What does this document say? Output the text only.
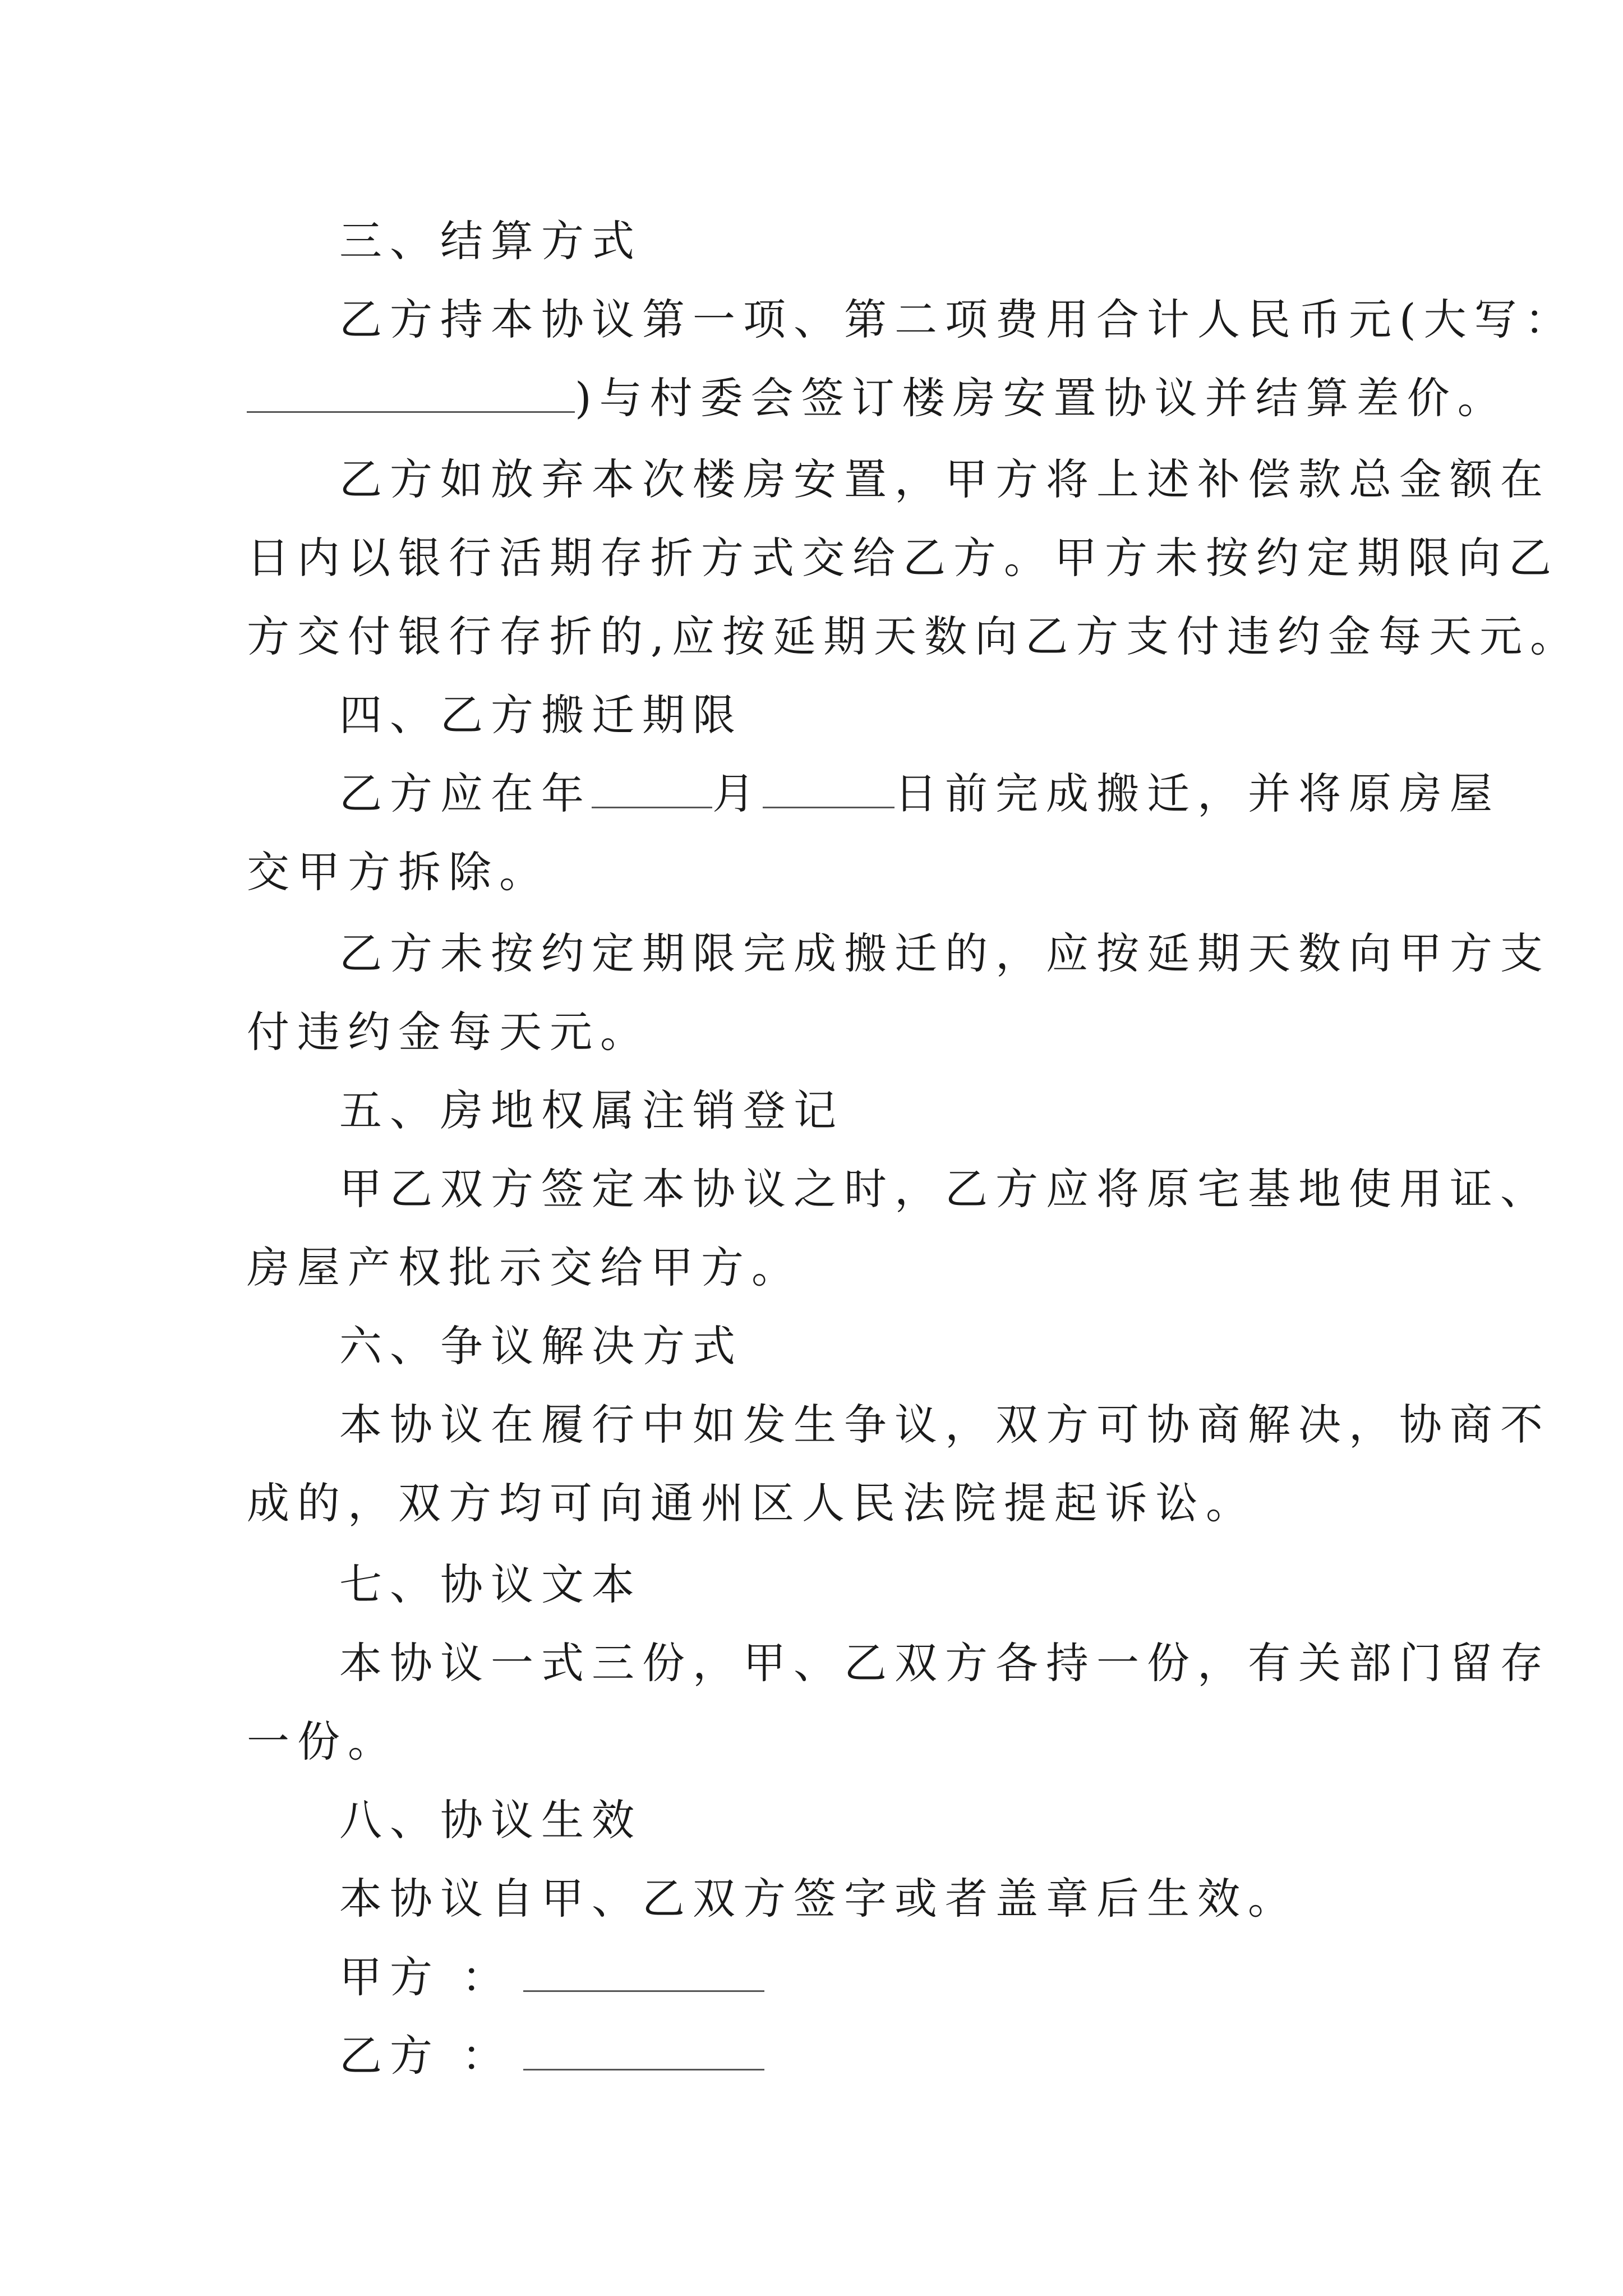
三、结算方式
乙方持本协议第一项、第二项费用合计人民币元(大写：
)与村委会签订楼房安置协议并结算差价。
乙方如放弃本次楼房安置，甲方将上述补偿款总金额在
日内以银行活期存折方式交给乙方。甲方未按约定期限向乙
方交付银行存折的,应按延期天数向乙方支付违约金每天元。
四、乙方搬迁期限
乙方应在年	月	日前完成搬迁，并将原房屋
交甲方拆除。
乙方未按约定期限完成搬迁的，应按延期天数向甲方支
付违约金每天元。
五、房地权属注销登记
甲乙双方签定本协议之时，乙方应将原宅基地使用证、
房屋产权批示交给甲方。
六、争议解决方式
本协议在履行中如发生争议，双方可协商解决，协商不
成的，双方均可向通州区人民法院提起诉讼。
七、协议文本
本协议一式三份，甲、乙双方各持一份，有关部门留存
一份。
八、协议生效
本协议自甲、乙双方签字或者盖章后生效。
甲方 ：
乙方 ：
